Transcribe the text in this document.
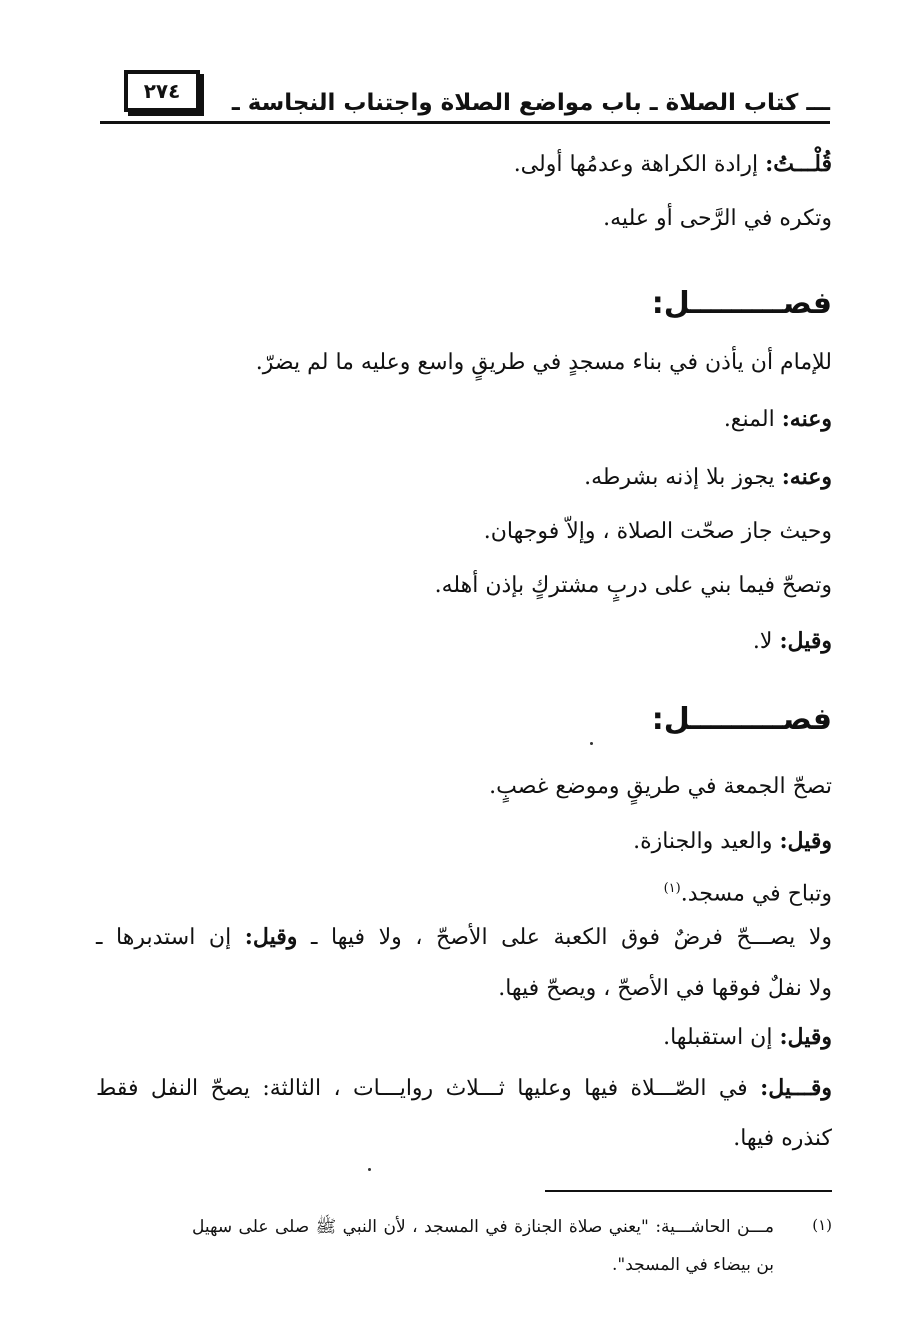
٢٧٤	ـــ كتاب الصلاة ـ باب مواضع الصلاة واجتناب النجاسة ـ
قُلْـــتُ: إرادة الكراهة وعدمُها أولى.
وتكره في الرَّحى أو عليه.
فصـــــــــل:
للإمام أن يأذن في بناء مسجدٍ في طريقٍ واسع وعليه ما لم يضرّ.
وعنه: المنع.
وعنه: يجوز بلا إذنه بشرطه.
وحيث جاز صحّت الصلاة ، وإلاّ فوجهان.
وتصحّ فيما بني على دربٍ مشتركٍ بإذن أهله.
وقيل: لا.
فصـــــــــل:
تصحّ الجمعة في طريقٍ وموضع غصبٍ.
وقيل: والعيد والجنازة.
وتباح في مسجد.$^{(١)}$
ولا يصـــحّ فرضٌ فوق الكعبة على الأصحّ ، ولا فيها ـ وقيل: إن استدبرها ـ
ولا نفلٌ فوقها في الأصحّ ، ويصحّ فيها.
وقيل: إن استقبلها.
وقـــيل: في الصّـــلاة فيها وعليها ثـــلاث روايـــات ، الثالثة: يصحّ النفل فقط
كنذره فيها.
(١)
مـــن الحاشـــية: "يعني صلاة الجنازة في المسجد ، لأن النبي ﷺ صلى على سهيل بن بيضاء في المسجد".
